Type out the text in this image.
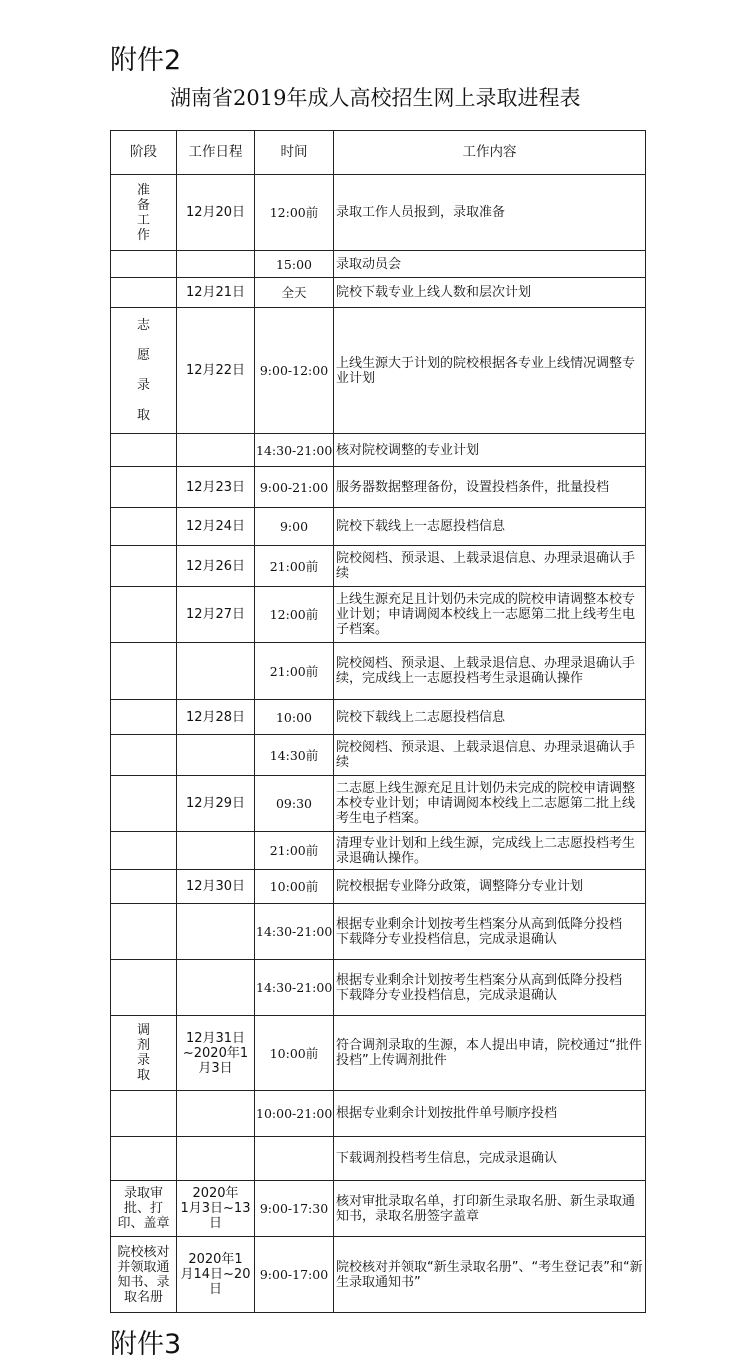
附件2
湖南省2019年成人高校招生网上录取进程表
阶段	工作日程	时间	工作内容
准
备
工
作	12月20日	12:00前	录取工作人员报到，录取准备
		15:00	录取动员会
	12月21日	全天	院校下载专业上线人数和层次计划
志

愿

录

取	12月22日	9:00-12:00	上线生源大于计划的院校根据各专业上线情况调整专业计划
		14:30-21:00	核对院校调整的专业计划
	12月23日	9:00-21:00	服务器数据整理备份，设置投档条件，批量投档
	12月24日	9:00	院校下载线上一志愿投档信息
	12月26日	21:00前	院校阅档、预录退、上载录退信息、办理录退确认手续
	12月27日	12:00前	上线生源充足且计划仍未完成的院校申请调整本校专业计划；申请调阅本校线上一志愿第二批上线考生电子档案。
		21:00前	院校阅档、预录退、上载录退信息、办理录退确认手续，完成线上一志愿投档考生录退确认操作
	12月28日	10:00	院校下载线上二志愿投档信息
		14:30前	院校阅档、预录退、上载录退信息、办理录退确认手续
	12月29日	09:30	二志愿上线生源充足且计划仍未完成的院校申请调整本校专业计划；申请调阅本校线上二志愿第二批上线考生电子档案。
		21:00前	清理专业计划和上线生源，完成线上二志愿投档考生录退确认操作。
	12月30日	10:00前	院校根据专业降分政策，调整降分专业计划
		14:30-21:00	根据专业剩余计划按考生档案分从高到低降分投档
下载降分专业投档信息，完成录退确认
		14:30-21:00	根据专业剩余计划按考生档案分从高到低降分投档
下载降分专业投档信息，完成录退确认
调
剂
录
取	12月31日
~2020年1
月3日	10:00前	符合调剂录取的生源，本人提出申请，院校通过“批件投档”上传调剂批件
		10:00-21:00	根据专业剩余计划按批件单号顺序投档
			下载调剂投档考生信息，完成录退确认
录取审
批、打
印、盖章	2020年
1月3日~13
日	9:00-17:30	核对审批录取名单，打印新生录取名册、新生录取通知书，录取名册签字盖章
院校核对
并领取通
知书、录
取名册	2020年1
月14日~20
日	9:00-17:00	院校核对并领取“新生录取名册”、“考生登记表”和“新生录取通知书”
附件3
